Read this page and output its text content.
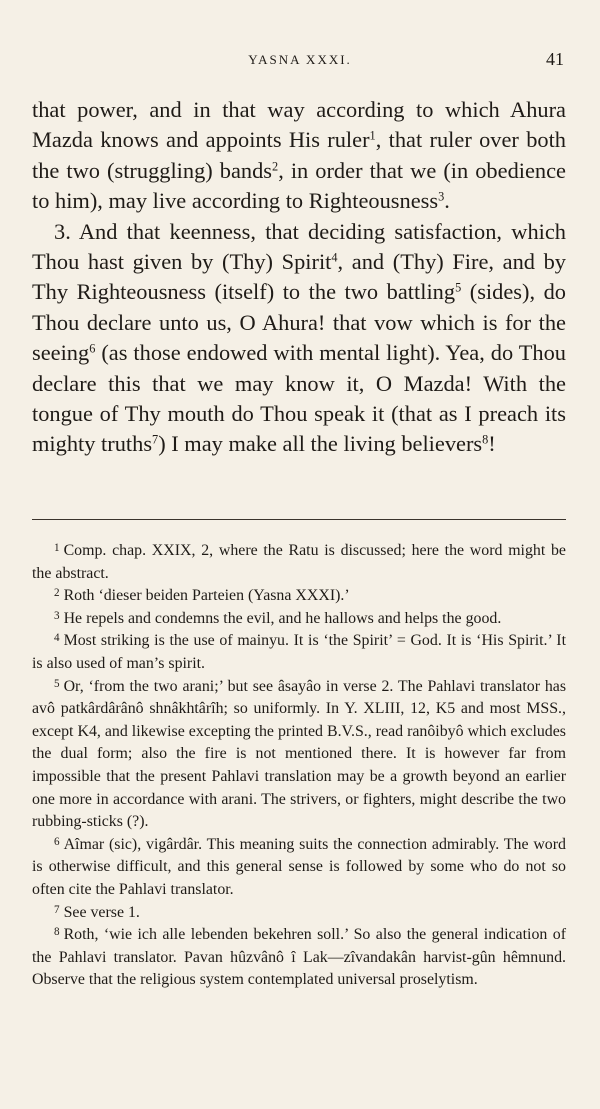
YASNA XXXI.	41

that power, and in that way according to which Ahura Mazda knows and appoints His ruler$^1$, that ruler over both the two (struggling) bands$^2$, in order that we (in obedience to him), may live according to Righteousness$^3$.

3. And that keenness, that deciding satisfaction, which Thou hast given by (Thy) Spirit$^4$, and (Thy) Fire, and by Thy Righteousness (itself) to the two battling$^5$ (sides), do Thou declare unto us, O Ahura! that vow which is for the seeing$^6$ (as those endowed with mental light). Yea, do Thou declare this that we may know it, O Mazda! With the tongue of Thy mouth do Thou speak it (that as I preach its mighty truths$^7$) I may make all the living believers$^8$!

$^1$ Comp. chap. XXIX, 2, where the Ratu is discussed; here the word might be the abstract.

$^2$ Roth ‘dieser beiden Parteien (Yasna XXXI).’

$^3$ He repels and condemns the evil, and he hallows and helps the good.

$^4$ Most striking is the use of mainyu. It is ‘the Spirit’ = God. It is ‘His Spirit.’ It is also used of man’s spirit.

$^5$ Or, ‘from the two arani;’ but see âsayâo in verse 2. The Pahlavi translator has avô patkârdârânô shnâkhtârîh; so uniformly. In Y. XLIII, 12, K5 and most MSS., except K4, and likewise excepting the printed B.V.S., read ranôibyô which excludes the dual form; also the fire is not mentioned there. It is however far from impossible that the present Pahlavi translation may be a growth beyond an earlier one more in accordance with arani. The strivers, or fighters, might describe the two rubbing-sticks (?).

$^6$ Aîmar (sic), vigârdâr. This meaning suits the connection admirably. The word is otherwise difficult, and this general sense is followed by some who do not so often cite the Pahlavi translator.

$^7$ See verse 1.

$^8$ Roth, ‘wie ich alle lebenden bekehren soll.’ So also the general indication of the Pahlavi translator. Pavan hûzvânô î Lak—zîvandakân harvist-gûn hêmnund. Observe that the religious system contemplated universal proselytism.
